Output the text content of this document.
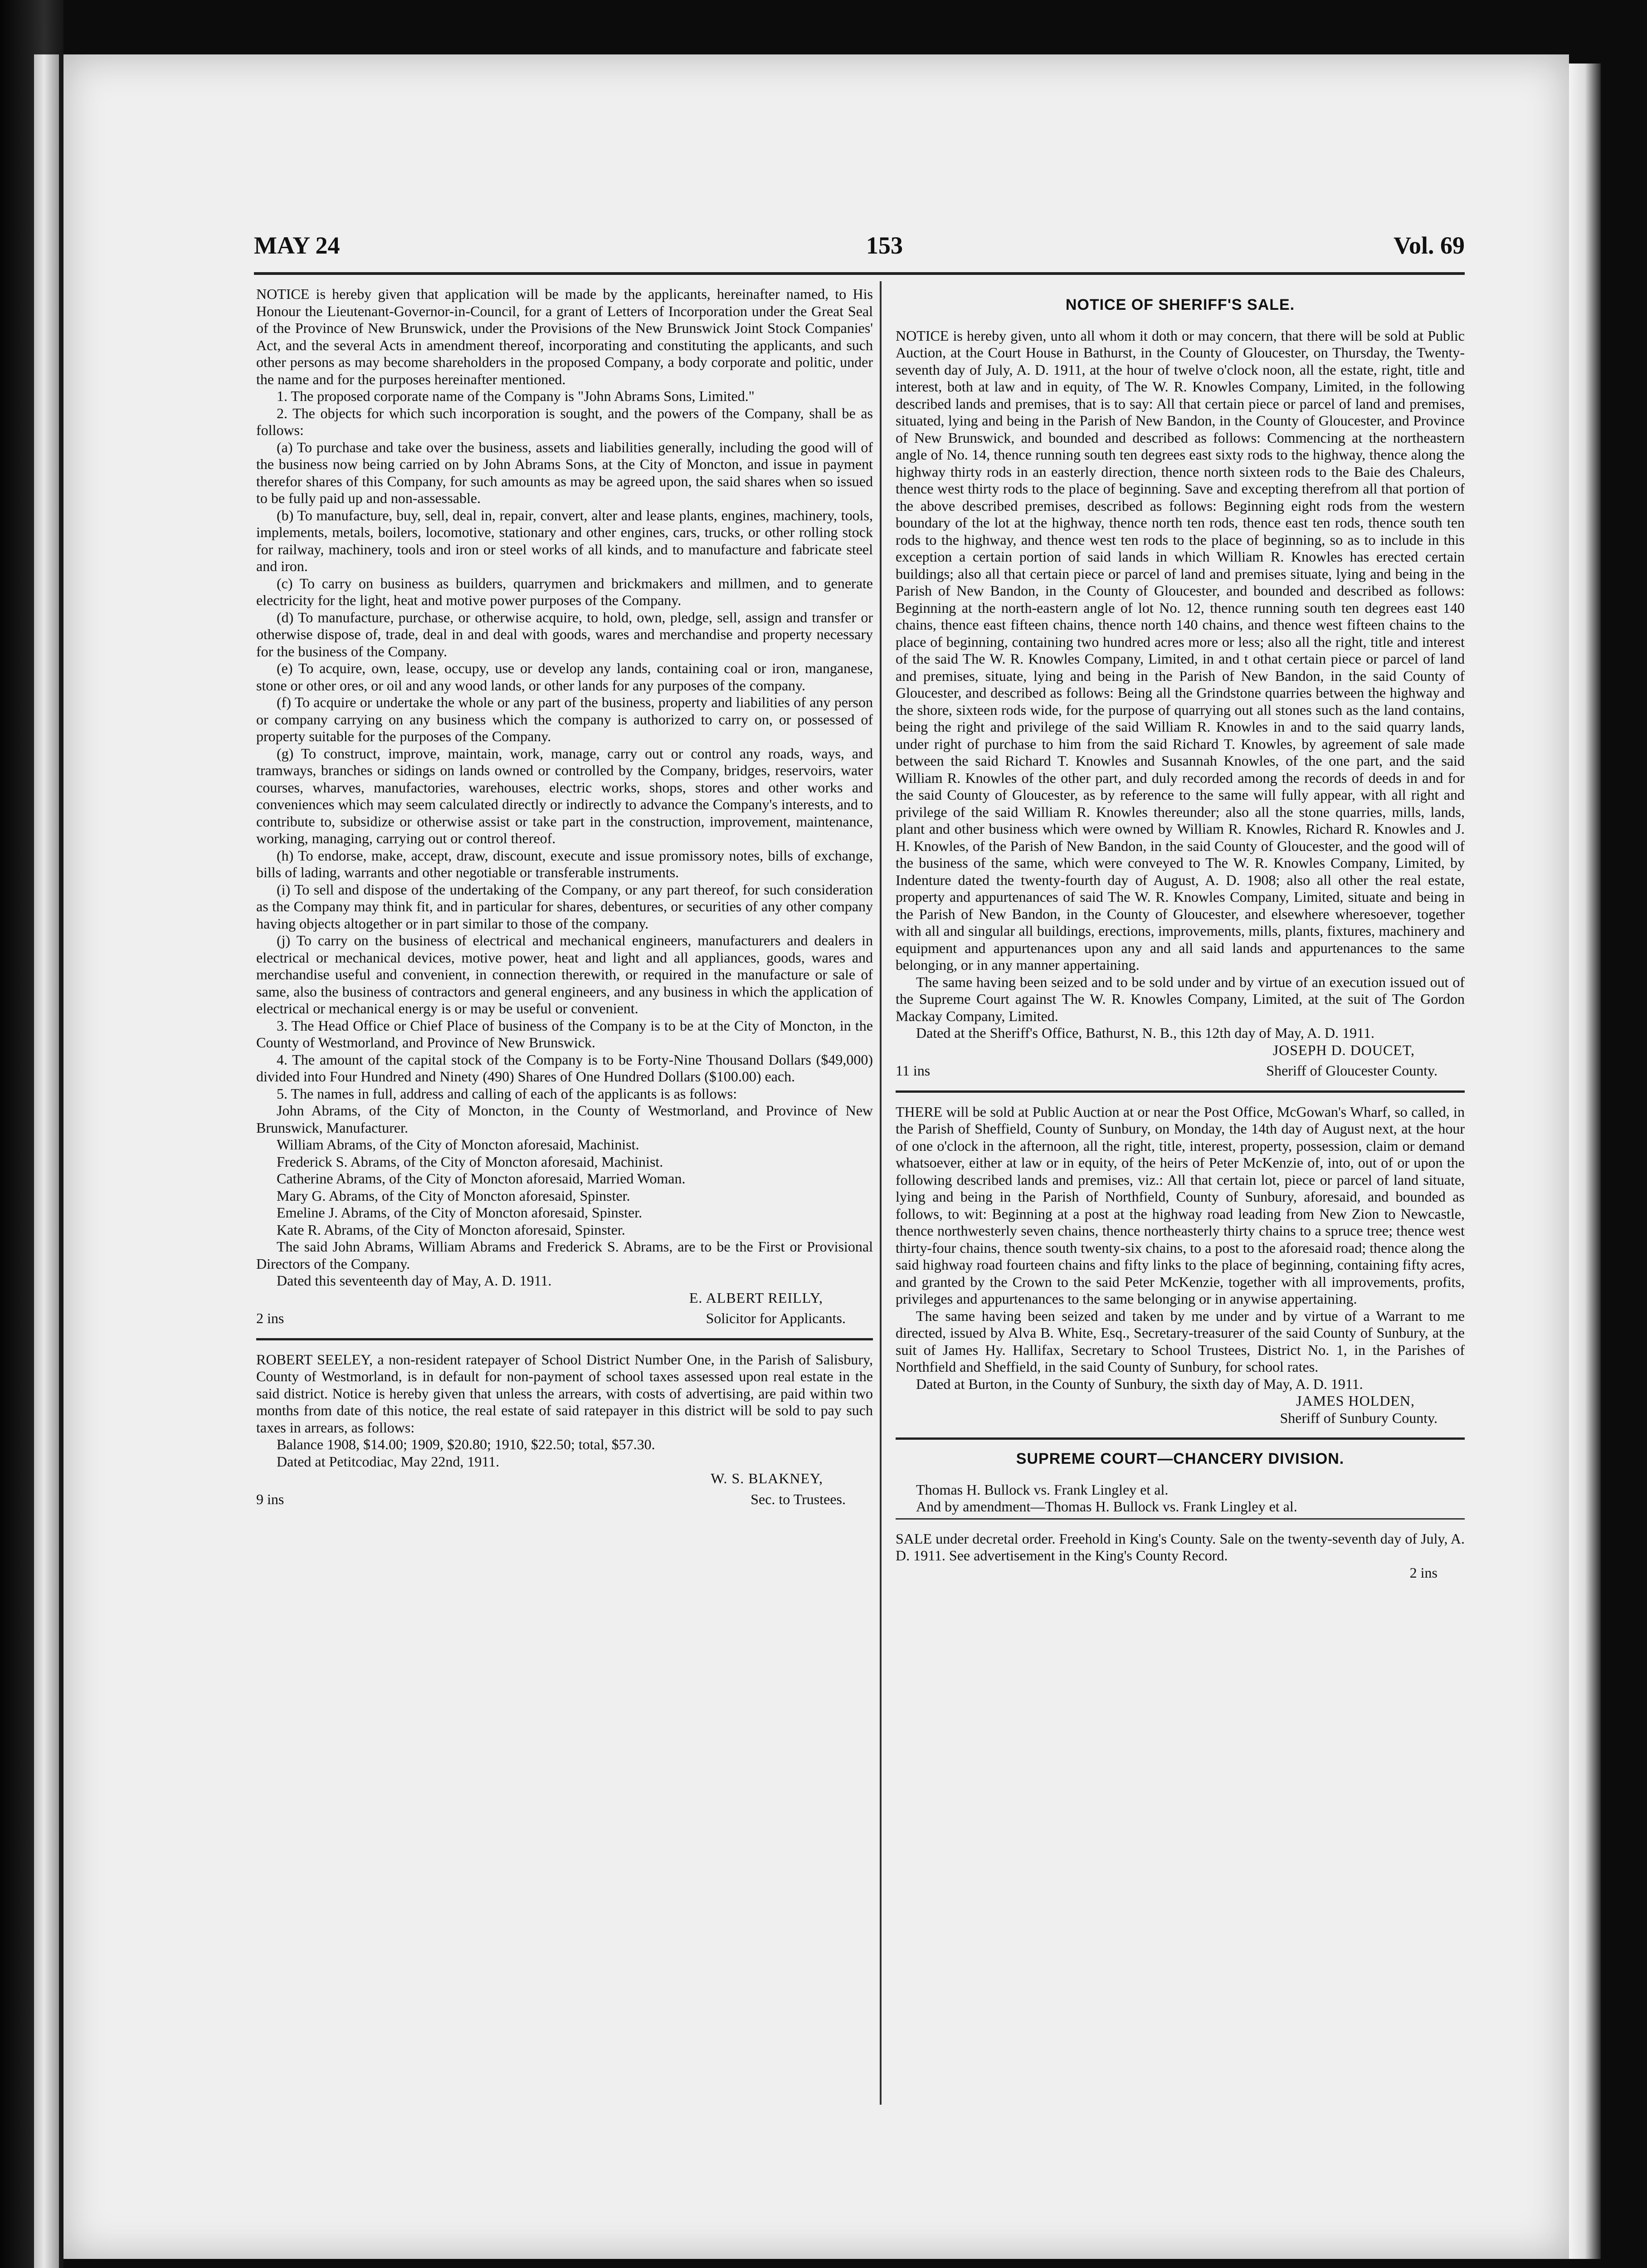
MAY 24	153	Vol. 69

NOTICE is hereby given that application will be made by the applicants, hereinafter named, to His Honour the Lieutenant-Governor-in-Council, for a grant of Letters of Incorporation under the Great Seal of the Province of New Brunswick, under the Provisions of the New Brunswick Joint Stock Companies' Act, and the several Acts in amendment thereof, incorporating and constituting the applicants, and such other persons as may become shareholders in the proposed Company, a body corporate and politic, under the name and for the purposes hereinafter mentioned.

1. The proposed corporate name of the Company is "John Abrams Sons, Limited."

2. The objects for which such incorporation is sought, and the powers of the Company, shall be as follows:

(a) To purchase and take over the business, assets and liabilities generally, including the good will of the business now being carried on by John Abrams Sons, at the City of Moncton, and issue in payment therefor shares of this Company, for such amounts as may be agreed upon, the said shares when so issued to be fully paid up and non-assessable.

(b) To manufacture, buy, sell, deal in, repair, convert, alter and lease plants, engines, machinery, tools, implements, metals, boilers, locomotive, stationary and other engines, cars, trucks, or other rolling stock for railway, machinery, tools and iron or steel works of all kinds, and to manufacture and fabricate steel and iron.

(c) To carry on business as builders, quarrymen and brickmakers and millmen, and to generate electricity for the light, heat and motive power purposes of the Company.

(d) To manufacture, purchase, or otherwise acquire, to hold, own, pledge, sell, assign and transfer or otherwise dispose of, trade, deal in and deal with goods, wares and merchandise and property necessary for the business of the Company.

(e) To acquire, own, lease, occupy, use or develop any lands, containing coal or iron, manganese, stone or other ores, or oil and any wood lands, or other lands for any purposes of the company.

(f) To acquire or undertake the whole or any part of the business, property and liabilities of any person or company carrying on any business which the company is authorized to carry on, or possessed of property suitable for the purposes of the Company.

(g) To construct, improve, maintain, work, manage, carry out or control any roads, ways, and tramways, branches or sidings on lands owned or controlled by the Company, bridges, reservoirs, water courses, wharves, manufactories, warehouses, electric works, shops, stores and other works and conveniences which may seem calculated directly or indirectly to advance the Company's interests, and to contribute to, subsidize or otherwise assist or take part in the construction, improvement, maintenance, working, managing, carrying out or control thereof.

(h) To endorse, make, accept, draw, discount, execute and issue promissory notes, bills of exchange, bills of lading, warrants and other negotiable or transferable instruments.

(i) To sell and dispose of the undertaking of the Company, or any part thereof, for such consideration as the Company may think fit, and in particular for shares, debentures, or securities of any other company having objects altogether or in part similar to those of the company.

(j) To carry on the business of electrical and mechanical engineers, manufacturers and dealers in electrical or mechanical devices, motive power, heat and light and all appliances, goods, wares and merchandise useful and convenient, in connection therewith, or required in the manufacture or sale of same, also the business of contractors and general engineers, and any business in which the application of electrical or mechanical energy is or may be useful or convenient.

3. The Head Office or Chief Place of business of the Company is to be at the City of Moncton, in the County of Westmorland, and Province of New Brunswick.

4. The amount of the capital stock of the Company is to be Forty-Nine Thousand Dollars ($49,000) divided into Four Hundred and Ninety (490) Shares of One Hundred Dollars ($100.00) each.

5. The names in full, address and calling of each of the applicants is as follows:

John Abrams, of the City of Moncton, in the County of Westmorland, and Province of New Brunswick, Manufacturer.

William Abrams, of the City of Moncton aforesaid, Machinist.

Frederick S. Abrams, of the City of Moncton aforesaid, Machinist.

Catherine Abrams, of the City of Moncton aforesaid, Married Woman.

Mary G. Abrams, of the City of Moncton aforesaid, Spinster.

Emeline J. Abrams, of the City of Moncton aforesaid, Spinster.

Kate R. Abrams, of the City of Moncton aforesaid, Spinster.

The said John Abrams, William Abrams and Frederick S. Abrams, are to be the First or Provisional Directors of the Company.

Dated this seventeenth day of May, A. D. 1911.

E. ALBERT REILLY,

2 ins	Solicitor for Applicants.

ROBERT SEELEY, a non-resident ratepayer of School District Number One, in the Parish of Salisbury, County of Westmorland, is in default for non-payment of school taxes assessed upon real estate in the said district. Notice is hereby given that unless the arrears, with costs of advertising, are paid within two months from date of this notice, the real estate of said ratepayer in this district will be sold to pay such taxes in arrears, as follows:

Balance 1908, $14.00; 1909, $20.80; 1910, $22.50; total, $57.30.

Dated at Petitcodiac, May 22nd, 1911.

W. S. BLAKNEY,

9 ins	Sec. to Trustees.
NOTICE OF SHERIFF'S SALE.

NOTICE is hereby given, unto all whom it doth or may concern, that there will be sold at Public Auction, at the Court House in Bathurst, in the County of Gloucester, on Thursday, the Twenty-seventh day of July, A. D. 1911, at the hour of twelve o'clock noon, all the estate, right, title and interest, both at law and in equity, of The W. R. Knowles Company, Limited, in the following described lands and premises, that is to say: All that certain piece or parcel of land and premises, situated, lying and being in the Parish of New Bandon, in the County of Gloucester, and Province of New Brunswick, and bounded and described as follows: Commencing at the northeastern angle of No. 14, thence running south ten degrees east sixty rods to the highway, thence along the highway thirty rods in an easterly direction, thence north sixteen rods to the Baie des Chaleurs, thence west thirty rods to the place of beginning. Save and excepting therefrom all that portion of the above described premises, described as follows: Beginning eight rods from the western boundary of the lot at the highway, thence north ten rods, thence east ten rods, thence south ten rods to the highway, and thence west ten rods to the place of beginning, so as to include in this exception a certain portion of said lands in which William R. Knowles has erected certain buildings; also all that certain piece or parcel of land and premises situate, lying and being in the Parish of New Bandon, in the County of Gloucester, and bounded and described as follows: Beginning at the north-eastern angle of lot No. 12, thence running south ten degrees east 140 chains, thence east fifteen chains, thence north 140 chains, and thence west fifteen chains to the place of beginning, containing two hundred acres more or less; also all the right, title and interest of the said The W. R. Knowles Company, Limited, in and t othat certain piece or parcel of land and premises, situate, lying and being in the Parish of New Bandon, in the said County of Gloucester, and described as follows: Being all the Grindstone quarries between the highway and the shore, sixteen rods wide, for the purpose of quarrying out all stones such as the land contains, being the right and privilege of the said William R. Knowles in and to the said quarry lands, under right of purchase to him from the said Richard T. Knowles, by agreement of sale made between the said Richard T. Knowles and Susannah Knowles, of the one part, and the said William R. Knowles of the other part, and duly recorded among the records of deeds in and for the said County of Gloucester, as by reference to the same will fully appear, with all right and privilege of the said William R. Knowles thereunder; also all the stone quarries, mills, lands, plant and other business which were owned by William R. Knowles, Richard R. Knowles and J. H. Knowles, of the Parish of New Bandon, in the said County of Gloucester, and the good will of the business of the same, which were conveyed to The W. R. Knowles Company, Limited, by Indenture dated the twenty-fourth day of August, A. D. 1908; also all other the real estate, property and appurtenances of said The W. R. Knowles Company, Limited, situate and being in the Parish of New Bandon, in the County of Gloucester, and elsewhere wheresoever, together with all and singular all buildings, erections, improvements, mills, plants, fixtures, machinery and equipment and appurtenances upon any and all said lands and appurtenances to the same belonging, or in any manner appertaining.

The same having been seized and to be sold under and by virtue of an execution issued out of the Supreme Court against The W. R. Knowles Company, Limited, at the suit of The Gordon Mackay Company, Limited.

Dated at the Sheriff's Office, Bathurst, N. B., this 12th day of May, A. D. 1911.

JOSEPH D. DOUCET,

11 ins	Sheriff of Gloucester County.

THERE will be sold at Public Auction at or near the Post Office, McGowan's Wharf, so called, in the Parish of Sheffield, County of Sunbury, on Monday, the 14th day of August next, at the hour of one o'clock in the afternoon, all the right, title, interest, property, possession, claim or demand whatsoever, either at law or in equity, of the heirs of Peter McKenzie of, into, out of or upon the following described lands and premises, viz.: All that certain lot, piece or parcel of land situate, lying and being in the Parish of Northfield, County of Sunbury, aforesaid, and bounded as follows, to wit: Beginning at a post at the highway road leading from New Zion to Newcastle, thence northwesterly seven chains, thence northeasterly thirty chains to a spruce tree; thence west thirty-four chains, thence south twenty-six chains, to a post to the aforesaid road; thence along the said highway road fourteen chains and fifty links to the place of beginning, containing fifty acres, and granted by the Crown to the said Peter McKenzie, together with all improvements, profits, privileges and appurtenances to the same belonging or in anywise appertaining.

The same having been seized and taken by me under and by virtue of a Warrant to me directed, issued by Alva B. White, Esq., Secretary-treasurer of the said County of Sunbury, at the suit of James Hy. Hallifax, Secretary to School Trustees, District No. 1, in the Parishes of Northfield and Sheffield, in the said County of Sunbury, for school rates.

Dated at Burton, in the County of Sunbury, the sixth day of May, A. D. 1911.

JAMES HOLDEN,

Sheriff of Sunbury County.

SUPREME COURT—CHANCERY DIVISION.

Thomas H. Bullock vs. Frank Lingley et al.

And by amendment—Thomas H. Bullock vs. Frank Lingley et al.

SALE under decretal order. Freehold in King's County. Sale on the twenty-seventh day of July, A. D. 1911. See advertisement in the King's County Record.

2 ins
